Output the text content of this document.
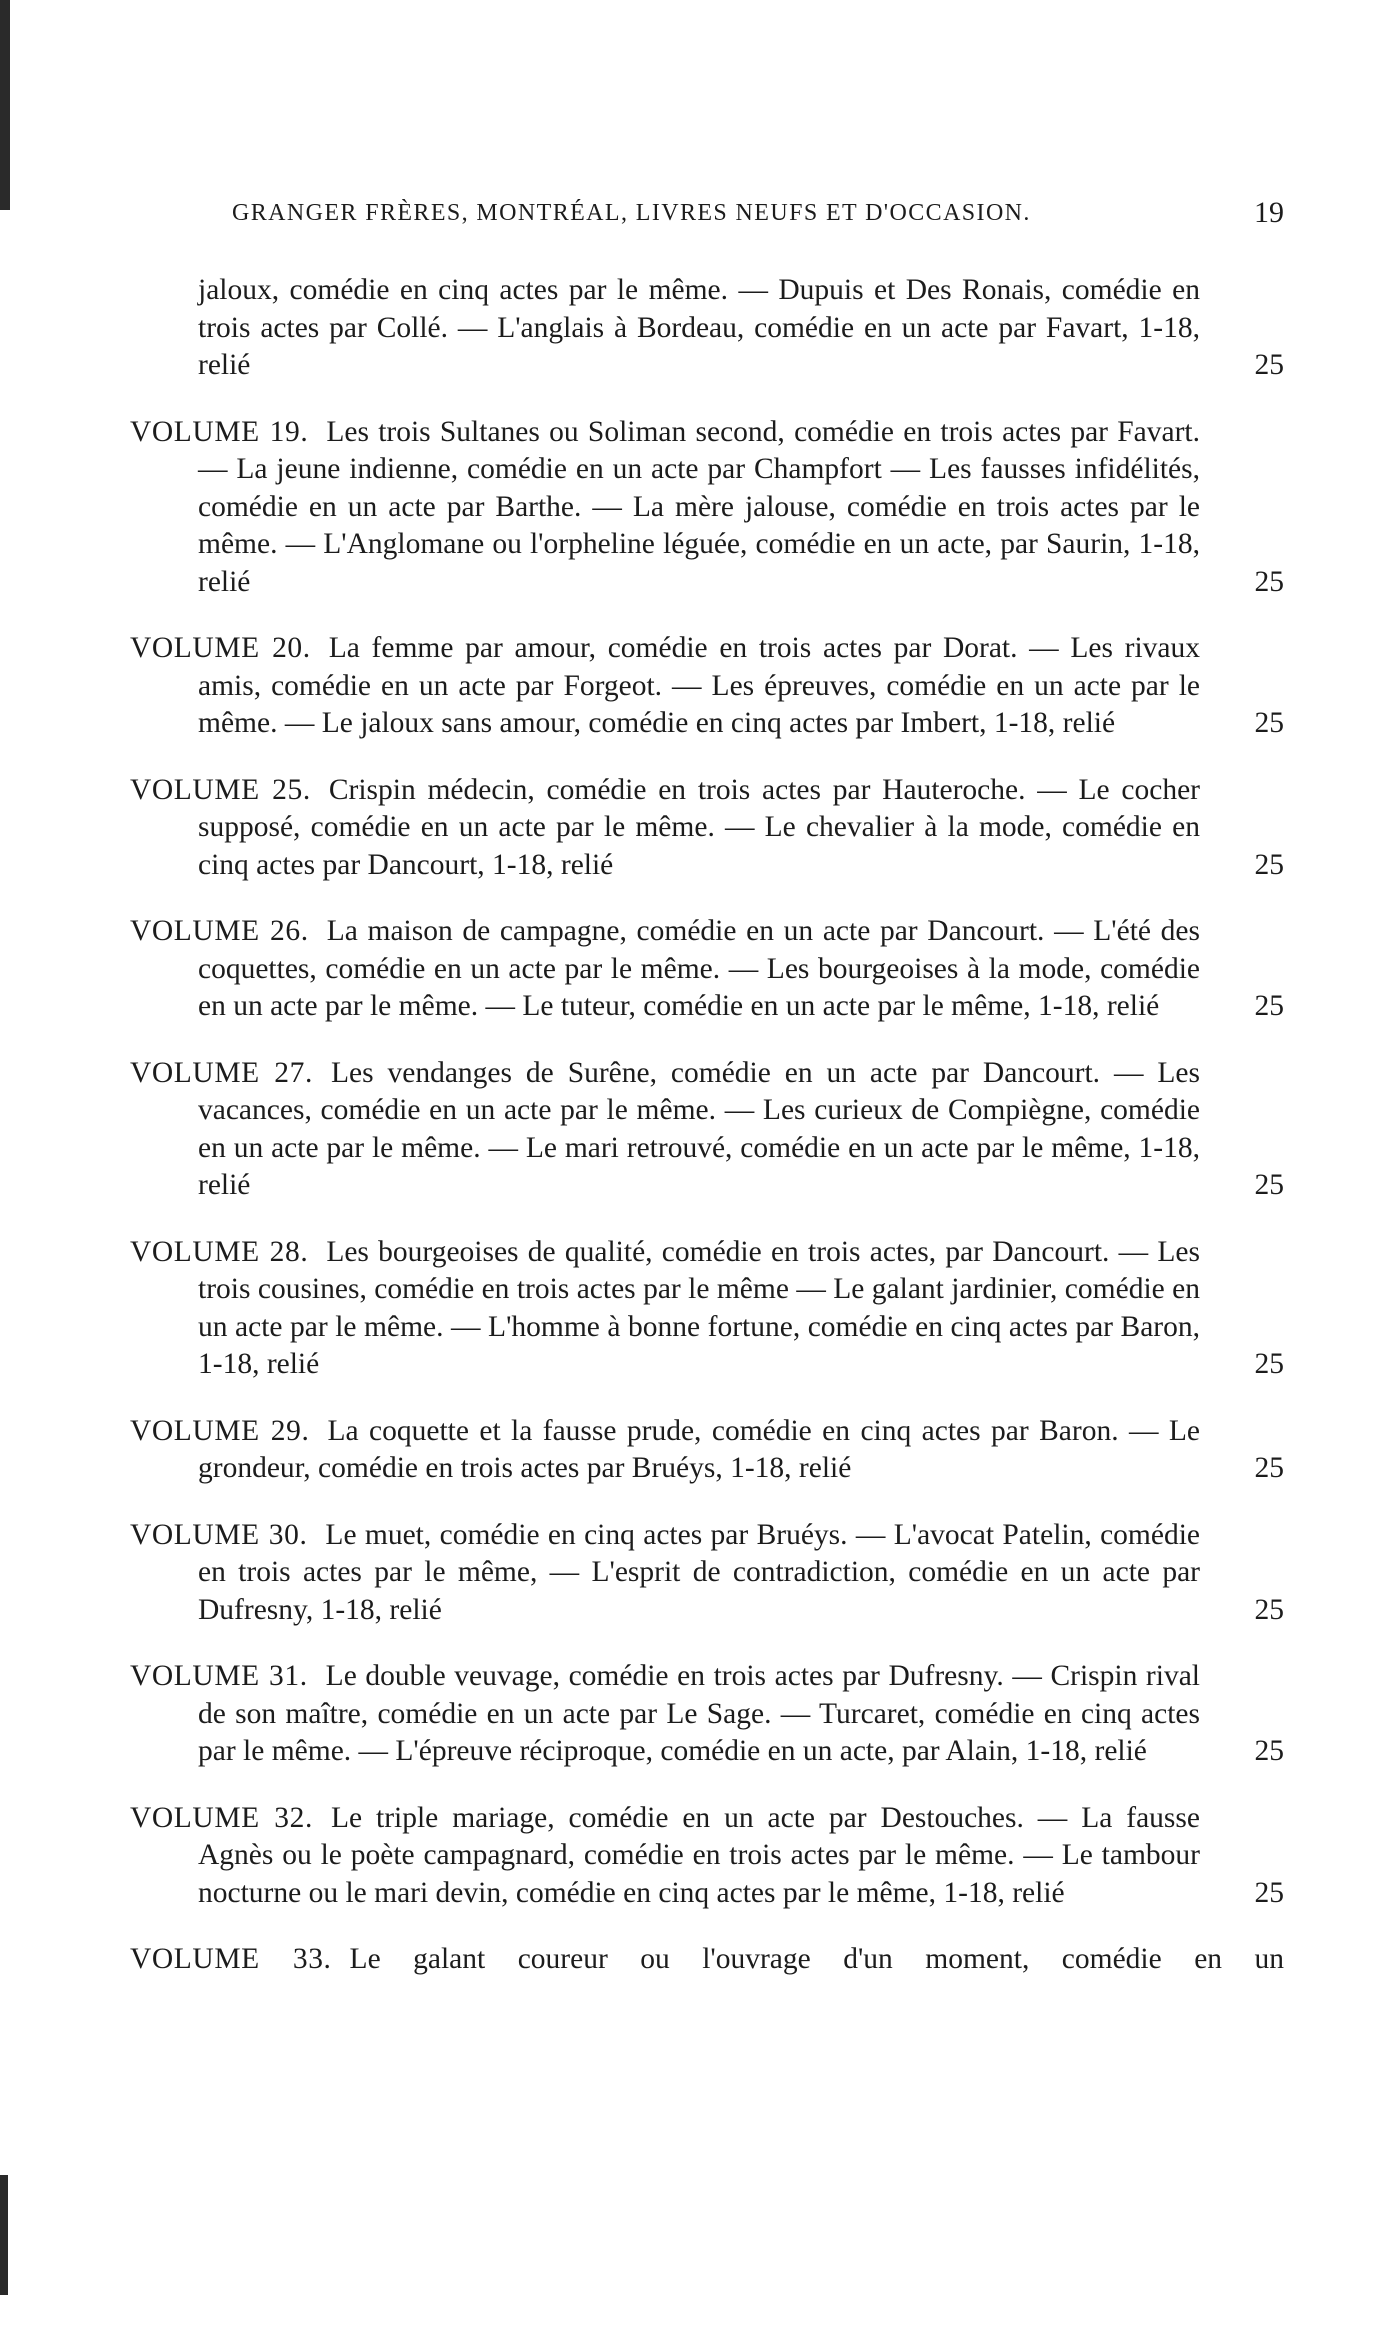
GRANGER FRÈRES, MONTRÉAL, LIVRES NEUFS ET D'OCCASION.	19
jaloux, comédie en cinq actes par le même. — Dupuis et Des Ronais, comédie en trois actes par Collé. — L'anglais à Bordeau, comédie en un acte par Favart, 1-18, relié	25
VOLUME 19. Les trois Sultanes ou Soliman second, comédie en trois actes par Favart. — La jeune indienne, comédie en un acte par Champfort — Les fausses infidélités, comédie en un acte par Barthe. — La mère jalouse, comédie en trois actes par le même. — L'Anglomane ou l'orpheline léguée, comédie en un acte, par Saurin, 1-18, relié	25
VOLUME 20. La femme par amour, comédie en trois actes par Dorat. — Les rivaux amis, comédie en un acte par Forgeot. — Les épreuves, comédie en un acte par le même. — Le jaloux sans amour, comédie en cinq actes par Imbert, 1-18, relié	25
VOLUME 25. Crispin médecin, comédie en trois actes par Hauteroche. — Le cocher supposé, comédie en un acte par le même. — Le chevalier à la mode, comédie en cinq actes par Dancourt, 1-18, relié	25
VOLUME 26. La maison de campagne, comédie en un acte par Dancourt. — L'été des coquettes, comédie en un acte par le même. — Les bourgeoises à la mode, comédie en un acte par le même. — Le tuteur, comédie en un acte par le même, 1-18, relié	25
VOLUME 27. Les vendanges de Surêne, comédie en un acte par Dancourt. — Les vacances, comédie en un acte par le même. — Les curieux de Compiègne, comédie en un acte par le même. — Le mari retrouvé, comédie en un acte par le même, 1-18, relié	25
VOLUME 28. Les bourgeoises de qualité, comédie en trois actes, par Dancourt. — Les trois cousines, comédie en trois actes par le même — Le galant jardinier, comédie en un acte par le même. — L'homme à bonne fortune, comédie en cinq actes par Baron, 1-18, relié	25
VOLUME 29. La coquette et la fausse prude, comédie en cinq actes par Baron. — Le grondeur, comédie en trois actes par Bruéys, 1-18, relié	25
VOLUME 30. Le muet, comédie en cinq actes par Bruéys. — L'avocat Patelin, comédie en trois actes par le même, — L'esprit de contradiction, comédie en un acte par Dufresny, 1-18, relié	25
VOLUME 31. Le double veuvage, comédie en trois actes par Dufresny. — Crispin rival de son maître, comédie en un acte par Le Sage. — Turcaret, comédie en cinq actes par le même. — L'épreuve réciproque, comédie en un acte, par Alain, 1-18, relié	25
VOLUME 32. Le triple mariage, comédie en un acte par Destouches. — La fausse Agnès ou le poète campagnard, comédie en trois actes par le même. — Le tambour nocturne ou le mari devin, comédie en cinq actes par le même, 1-18, relié	25
VOLUME 33. Le galant coureur ou l'ouvrage d'un moment, comédie en un
